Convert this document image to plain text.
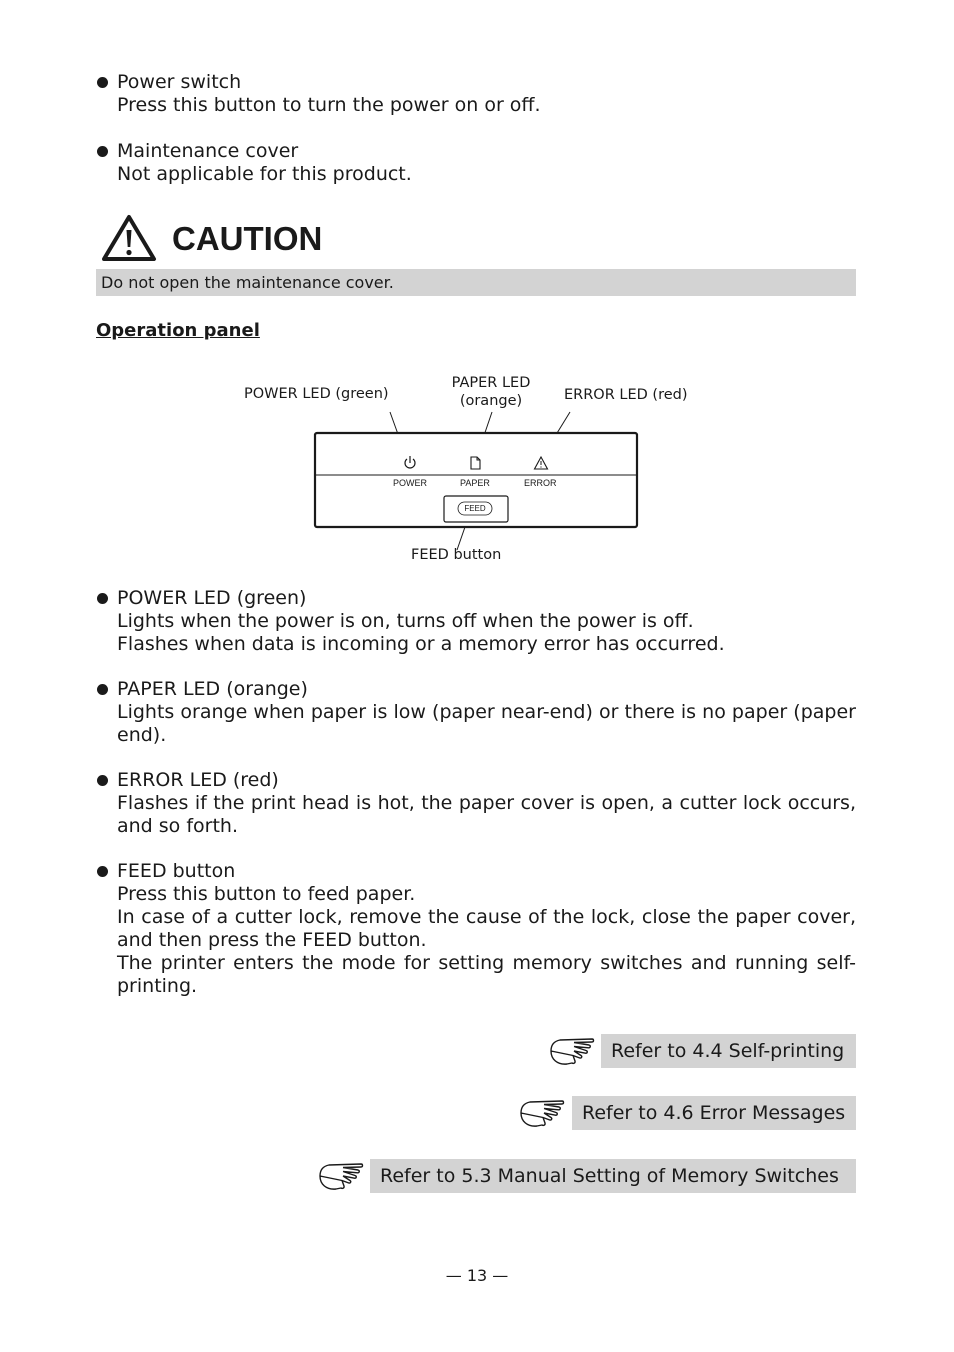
Power switch
Press this button to turn the power on or off.
Maintenance cover
Not applicable for this product.
CAUTION
Do not open the maintenance cover.
Operation panel
POWER LED (green)
PAPER LED
(orange)	ERROR LED (red)
POWER	PAPER	ERROR
FEED
FEED button
POWER LED (green)
Lights when the power is on, turns off when the power is off.
Flashes when data is incoming or a memory error has occurred.
PAPER LED (orange)
Lights orange when paper is low (paper near-end) or there is no paper (paper end).
ERROR LED (red)
Flashes if the print head is hot, the paper cover is open, a cutter lock occurs, and so forth.
FEED button
Press this button to feed paper.
In case of a cutter lock, remove the cause of the lock, close the paper cover, and then press the FEED button.
The printer enters the mode for setting memory switches and running self-printing.
Refer to 4.4 Self-printing
Refer to 4.6 Error Messages
Refer to 5.3 Manual Setting of Memory Switches
— 13 —
